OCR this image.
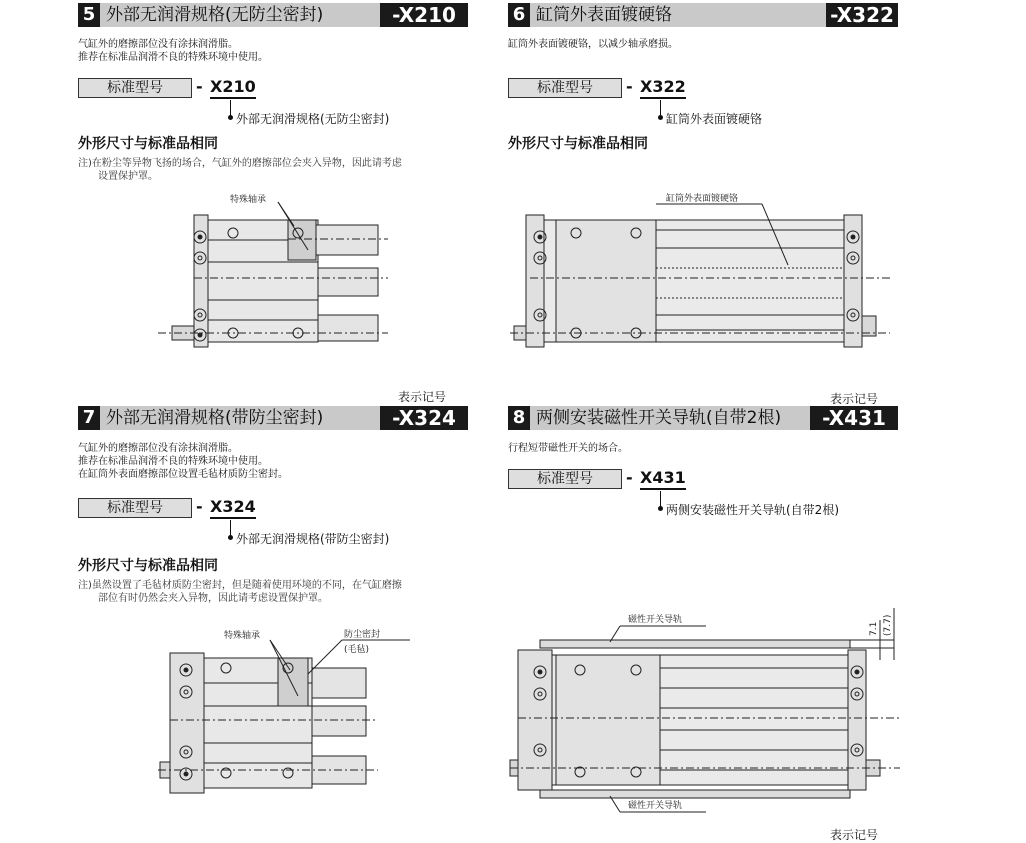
5 外部无润滑规格(无防尘密封)	-X210
气缸外的磨擦部位没有涂抹润滑脂。
推荐在标准品润滑不良的特殊环境中使用。
标准型号	- X210
外部无润滑规格(无防尘密封)
外形尺寸与标准品相同
注)在粉尘等异物飞扬的场合，气缸外的磨擦部位会夹入异物，因此请考虑
设置保护罩。
特殊轴承
6 缸筒外表面镀硬铬	-X322
缸筒外表面镀硬铬，以减少轴承磨损。
标准型号	- X322
缸筒外表面镀硬铬
外形尺寸与标准品相同
缸筒外表面镀硬铬
表示记号
7 外部无润滑规格(带防尘密封)	-X324
气缸外的磨擦部位没有涂抹润滑脂。
推荐在标准品润滑不良的特殊环境中使用。
在缸筒外表面磨擦部位设置毛毡材质防尘密封。
标准型号	- X324
外部无润滑规格(带防尘密封)
外形尺寸与标准品相同
注)虽然设置了毛毡材质防尘密封，但是随着使用环境的不同，在气缸磨擦
部位有时仍然会夹入异物，因此请考虑设置保护罩。
特殊轴承	防尘密封
(毛毡)
表示记号
8 两侧安装磁性开关导轨(自带2根)	-X431
行程短带磁性开关的场合。
标准型号	- X431
两侧安装磁性开关导轨(自带2根)
磁性开关导轨
磁性开关导轨
7.1 (7.7)
表示记号
